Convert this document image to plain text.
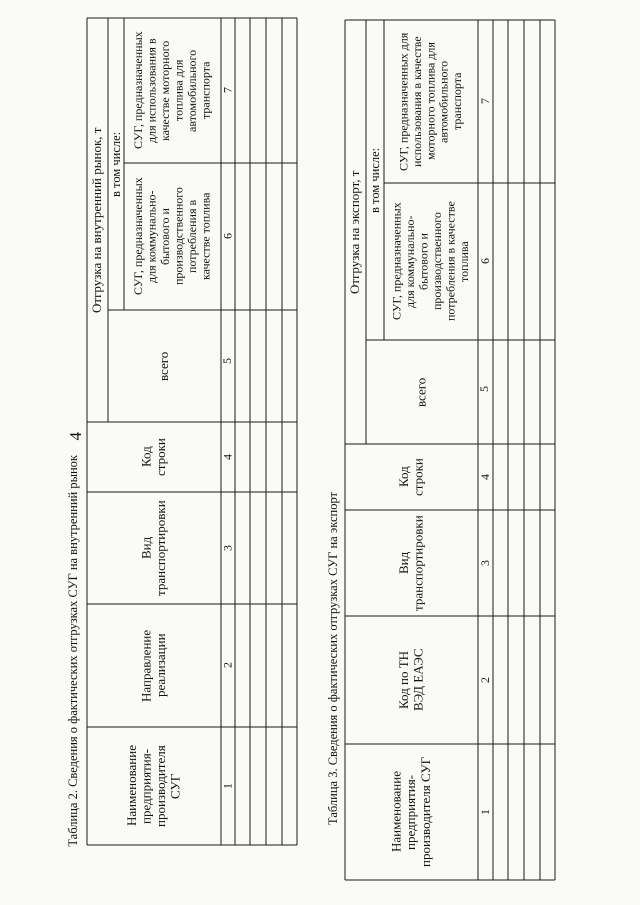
4
Таблица 2. Сведения о фактических отгрузках СУГ на внутренний рынок	Наименование
предприятия-
производителя
СУГ
Направление
реализации
Вид
транспортировки
Код
строки
Отгрузка на внутренний рынок, т
всего
в том числе:
СУГ, предназначенных
для коммунально-
бытового и
производственного
потребления в
качестве топлива
СУГ, предназначенных
для использования в
качестве моторного
топлива для
автомобильного
транспорта
1
2
3
4
5
6
7
Таблица 3. Сведения о фактических отгрузках СУГ на экспорт	Наименование
предприятия-
производителя СУГ
Код по ТН
ВЭД ЕАЭС
Вид
транспортировки
Код
строки
Отгрузка на экспорт, т
всего
в том числе:
СУГ, предназначенных
для коммунально-
бытового и
производственного
потребления в качестве
топлива
СУГ, предназначенных для
использования в качестве
моторного топлива для
автомобильного
транспорта
1
2
3
4
5
6
7
